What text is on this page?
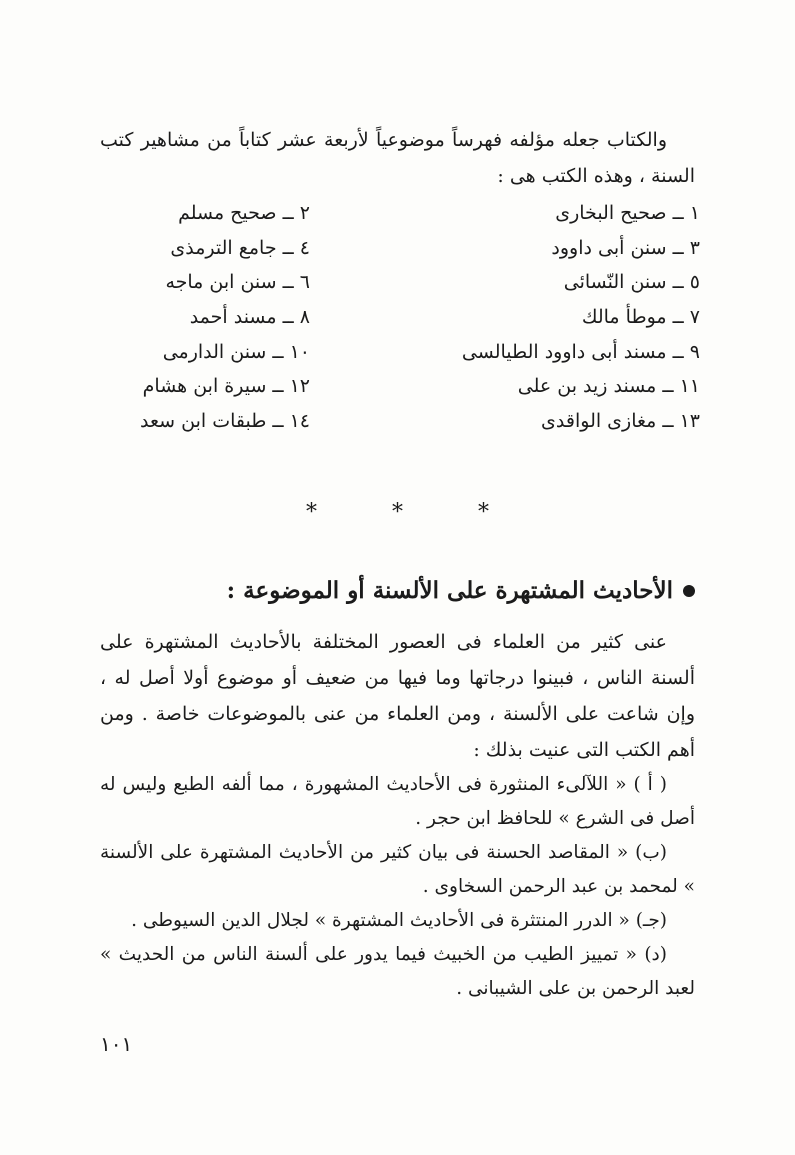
والكتاب جعله مؤلفه فهرساً موضوعياً لأربعة عشر كتاباً من مشاهير كتب السنة ، وهذه الكتب هى :

١ ــ صحيح البخارى
٢ ــ صحيح مسلم
٣ ــ سنن أبى داوود
٤ ــ جامع الترمذى
٥ ــ سنن النّسائى
٦ ــ سنن ابن ماجه
٧ ــ موطأ مالك
٨ ــ مسند أحمد
٩ ــ مسند أبى داوود الطيالسى
١٠ ــ سنن الدارمى
١١ ــ مسند زيد بن على
١٢ ــ سيرة ابن هشام
١٣ ــ مغازى الواقدى
١٤ ــ طبقات ابن سعد
* * *
الأحاديث المشتهرة على الألسنة أو الموضوعة :

عنى كثير من العلماء فى العصور المختلفة بالأحاديث المشتهرة على ألسنة الناس ، فبينوا درجاتها وما فيها من ضعيف أو موضوع أولا أصل له ، وإن شاعت على الألسنة ، ومن العلماء من عنى بالموضوعات خاصة . ومن أهم الكتب التى عنيت بذلك :

( أ ) « اللآلىء المنثورة فى الأحاديث المشهورة ، مما ألفه الطبع وليس له أصل فى الشرع » للحافظ ابن حجر .

(ب) « المقاصد الحسنة فى بيان كثير من الأحاديث المشتهرة على الألسنة » لمحمد بن عبد الرحمن السخاوى .

(جـ) « الدرر المنتثرة فى الأحاديث المشتهرة » لجلال الدين السيوطى .

(د) « تمييز الطيب من الخبيث فيما يدور على ألسنة الناس من الحديث » لعبد الرحمن بن على الشيبانى .

١٠١
